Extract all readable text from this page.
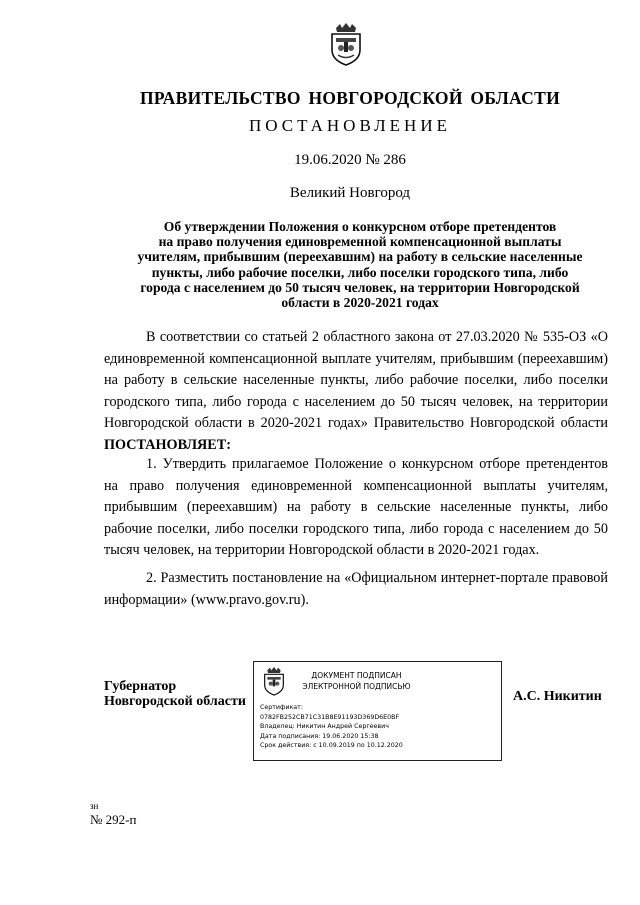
ПРАВИТЕЛЬСТВО НОВГОРОДСКОЙ ОБЛАСТИ
ПОСТАНОВЛЕНИЕ
19.06.2020 № 286
Великий Новгород
Об утверждении Положения о конкурсном отборе претендентов
на право получения единовременной компенсационной выплаты
учителям, прибывшим (переехавшим) на работу в сельские населенные
пункты, либо рабочие поселки, либо поселки городского типа, либо
города с населением до 50 тысяч человек, на территории Новгородской
области в 2020-2021 годах
В соответствии со статьей 2 областного закона от 27.03.2020 № 535-ОЗ «О единовременной компенсационной выплате учителям, прибывшим (переехавшим) на работу в сельские населенные пункты, либо рабочие поселки, либо поселки городского типа, либо города с населением до 50 тысяч человек, на территории Новгородской области в 2020-2021 годах» Правительство Новгородской области ПОСТАНОВЛЯЕТ:
1. Утвердить прилагаемое Положение о конкурсном отборе претендентов на право получения единовременной компенсационной выплаты учителям, прибывшим (переехавшим) на работу в сельские населенные пункты, либо рабочие поселки, либо поселки городского типа, либо города с населением до 50 тысяч человек, на территории Новгородской области в 2020-2021 годах.
2. Разместить постановление на «Официальном интернет-портале правовой информации» (www.pravo.gov.ru).
Губернатор
Новгородской области
ДОКУМЕНТ ПОДПИСАН
ЭЛЕКТРОННОЙ ПОДПИСЬЮ
Сертификат:
0782FB252CB71C31B8E91193D369D6E0BF
Владелец: Никитин Андрей Сергеевич
Дата подписания: 19.06.2020 15:38
Срок действия: с 10.09.2019 по 10.12.2020
А.С. Никитин
зн
№ 292-п
